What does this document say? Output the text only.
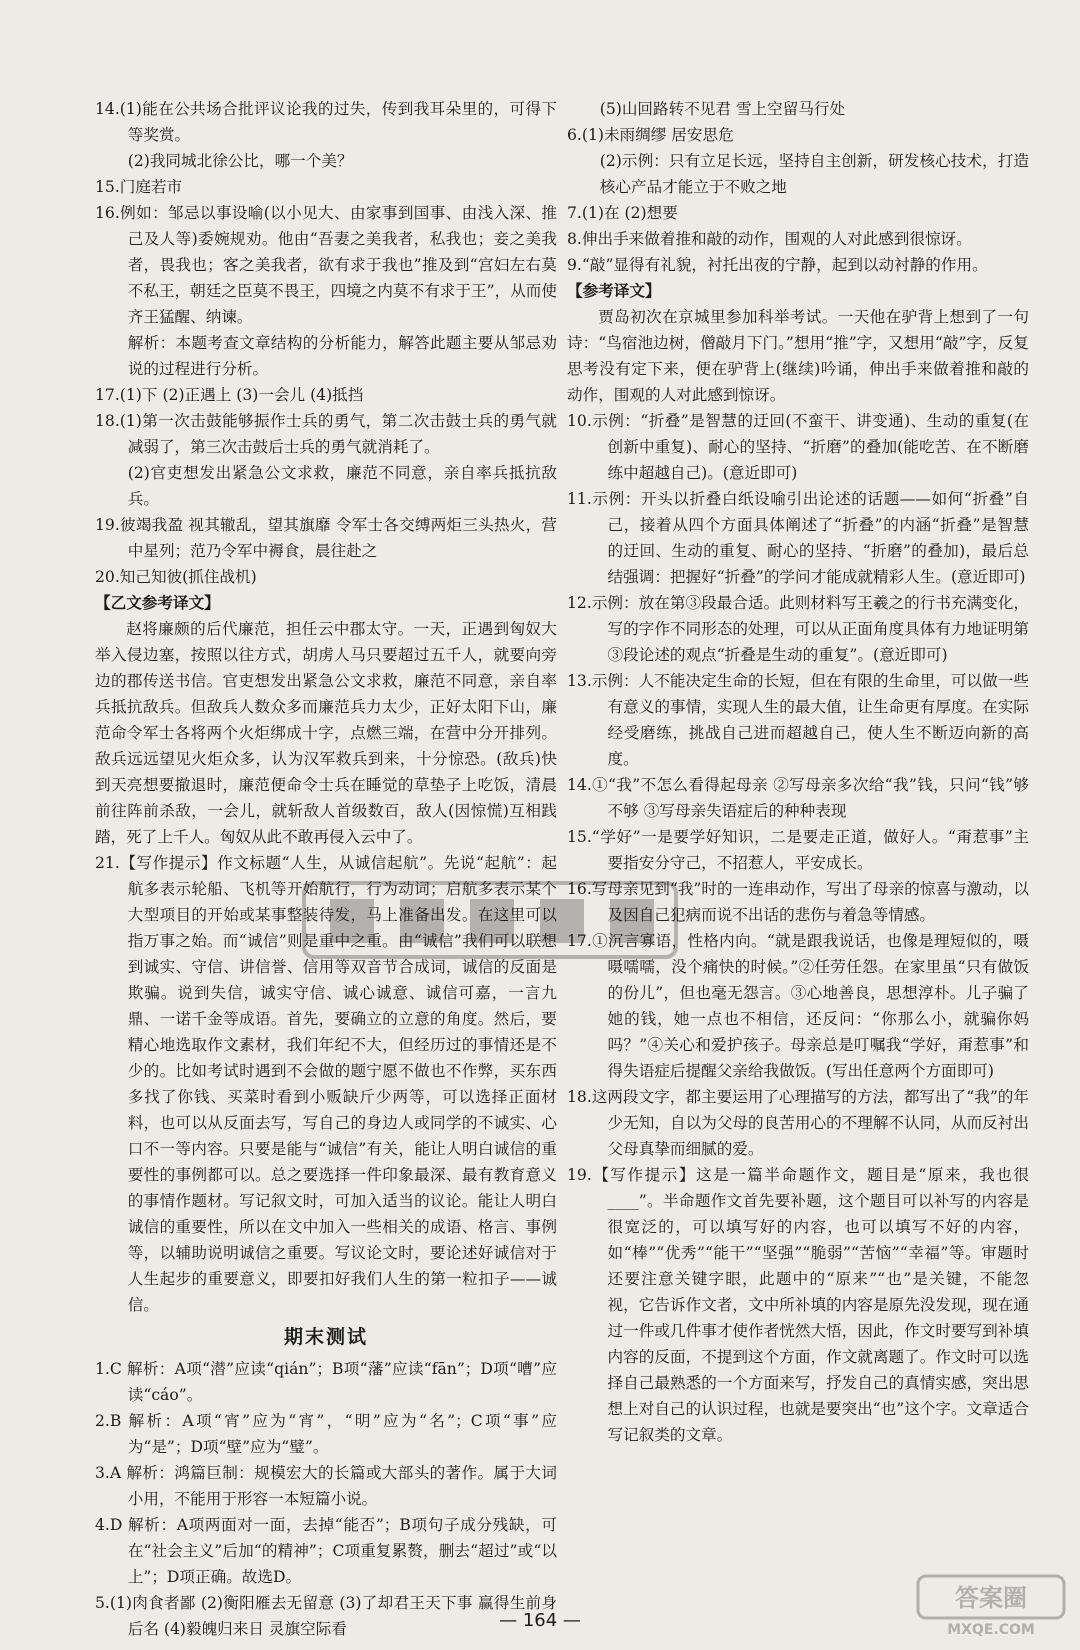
14.(1)能在公共场合批评议论我的过失，传到我耳朵里的，可得下等奖赏。

(2)我同城北徐公比，哪一个美？

15.门庭若市

16.例如：邹忌以事设喻(以小见大、由家事到国事、由浅入深、推己及人等)委婉规劝。他由“吾妻之美我者，私我也；妾之美我者，畏我也；客之美我者，欲有求于我也”推及到“宫妇左右莫不私王，朝廷之臣莫不畏王，四境之内莫不有求于王”，从而使齐王猛醒、纳谏。

解析：本题考查文章结构的分析能力，解答此题主要从邹忌劝说的过程进行分析。

17.(1)下 (2)正遇上 (3)一会儿 (4)抵挡

18.(1)第一次击鼓能够振作士兵的勇气，第二次击鼓士兵的勇气就减弱了，第三次击鼓后士兵的勇气就消耗了。

(2)官吏想发出紧急公文求救，廉范不同意，亲自率兵抵抗敌兵。

19.彼竭我盈 视其辙乱，望其旗靡 令军士各交缚两炬三头热火，营中星列；范乃令军中褥食，晨往赴之

20.知己知彼(抓住战机)

【乙文参考译文】

赵将廉颇的后代廉范，担任云中郡太守。一天，正遇到匈奴大举入侵边塞，按照以往方式，胡虏人马只要超过五千人，就要向旁边的郡传送书信。官吏想发出紧急公文求救，廉范不同意，亲自率兵抵抗敌兵。但敌兵人数众多而廉范兵力太少，正好太阳下山，廉范命令军士各将两个火炬绑成十字，点燃三端，在营中分开排列。敌兵远远望见火炬众多，认为汉军救兵到来，十分惊恐。(敌兵)快到天亮想要撤退时，廉范便命令士兵在睡觉的草垫子上吃饭，清晨前往阵前杀敌，一会儿，就斩敌人首级数百，敌人(因惊慌)互相践踏，死了上千人。匈奴从此不敢再侵入云中了。

21.【写作提示】作文标题“人生，从诚信起航”。先说“起航”：起航多表示轮船、飞机等开始航行，行为动词；启航多表示某个大型项目的开始或某事整装待发，马上准备出发。在这里可以指万事之始。而“诚信”则是重中之重。由“诚信”我们可以联想到诚实、守信、讲信誉、信用等双音节合成词，诚信的反面是欺骗。说到失信，诚实守信、诚心诚意、诚信可嘉，一言九鼎、一诺千金等成语。首先，要确立的立意的角度。然后，要精心地选取作文素材，我们年纪不大，但经历过的事情还是不少的。比如考试时遇到不会做的题宁愿不做也不作弊，买东西多找了你钱、买菜时看到小贩缺斤少两等，可以选择正面材料，也可以从反面去写，写自己的身边人或同学的不诚实、心口不一等内容。只要是能与“诚信”有关，能让人明白诚信的重要性的事例都可以。总之要选择一件印象最深、最有教育意义的事情作题材。写记叙文时，可加入适当的议论。能让人明白诚信的重要性，所以在文中加入一些相关的成语、格言、事例等，以辅助说明诚信之重要。写议论文时，要论述好诚信对于人生起步的重要意义，即要扣好我们人生的第一粒扣子——诚信。

期末测试

1.C 解析：A项“潜”应读“qián”；B项“藩”应读“fān”；D项“嘈”应读“cáo”。

2.B 解析：A项“宵”应为“宵”，“明”应为“名”；C项“事”应为“是”；D项“壁”应为“璧”。

3.A 解析：鸿篇巨制：规模宏大的长篇或大部头的著作。属于大词小用，不能用于形容一本短篇小说。

4.D 解析：A项两面对一面，去掉“能否”；B项句子成分残缺，可在“社会主义”后加“的精神”；C项重复累赘，删去“超过”或“以上”；D项正确。故选D。

5.(1)肉食者鄙 (2)衡阳雁去无留意 (3)了却君王天下事 赢得生前身后名 (4)毅魄归来日 灵旗空际看

(5)山回路转不见君 雪上空留马行处

6.(1)未雨绸缪 居安思危

(2)示例：只有立足长远，坚持自主创新，研发核心技术，打造核心产品才能立于不败之地

7.(1)在 (2)想要

8.伸出手来做着推和敲的动作，围观的人对此感到很惊讶。

9.“敲”显得有礼貌，衬托出夜的宁静，起到以动衬静的作用。

【参考译文】

贾岛初次在京城里参加科举考试。一天他在驴背上想到了一句诗：“鸟宿池边树，僧敲月下门。”想用“推”字，又想用“敲”字，反复思考没有定下来，便在驴背上(继续)吟诵，伸出手来做着推和敲的动作，围观的人对此感到惊讶。

10.示例：“折叠”是智慧的迂回(不蛮干、讲变通)、生动的重复(在创新中重复)、耐心的坚持、“折磨”的叠加(能吃苦、在不断磨练中超越自己)。(意近即可)

11.示例：开头以折叠白纸设喻引出论述的话题——如何“折叠”自己，接着从四个方面具体阐述了“折叠”的内涵“折叠”是智慧的迂回、生动的重复、耐心的坚持、“折磨”的叠加)，最后总结强调：把握好“折叠”的学问才能成就精彩人生。(意近即可)

12.示例：放在第③段最合适。此则材料写王羲之的行书充满变化，写的字作不同形态的处理，可以从正面角度具体有力地证明第③段论述的观点“折叠是生动的重复”。(意近即可)

13.示例：人不能决定生命的长短，但在有限的生命里，可以做一些有意义的事情，实现人生的最大值，让生命更有厚度。在实际经受磨练，挑战自己进而超越自己，使人生不断迈向新的高度。

14.①“我”不怎么看得起母亲 ②写母亲多次给“我”钱，只问“钱”够不够 ③写母亲失语症后的种种表现

15.“学好”一是要学好知识，二是要走正道，做好人。“甭惹事”主要指安分守己，不招惹人，平安成长。

16.写母亲见到“我”时的一连串动作，写出了母亲的惊喜与激动，以及因自己犯病而说不出话的悲伤与着急等情感。

17.①沉言寡语，性格内向。“就是跟我说话，也像是理短似的，嗫嗫嚅嚅，没个痛快的时候。”②任劳任怨。在家里虽“只有做饭的份儿”，但也毫无怨言。③心地善良，思想淳朴。儿子骗了她的钱，她一点也不相信，还反问：“你那么小，就骗你妈吗？”④关心和爱护孩子。母亲总是叮嘱我“学好，甭惹事”和得失语症后提醒父亲给我做饭。(写出任意两个方面即可)

18.这两段文字，都主要运用了心理描写的方法，都写出了“我”的年少无知，自以为父母的良苦用心的不理解不认同，从而反衬出父母真挚而细腻的爱。

19.【写作提示】这是一篇半命题作文，题目是“原来，我也很____”。半命题作文首先要补题，这个题目可以补写的内容是很宽泛的，可以填写好的内容，也可以填写不好的内容，如“棒”“优秀”“能干”“坚强”“脆弱”“苦恼”“幸福”等。审题时还要注意关键字眼，此题中的“原来”“也”是关键，不能忽视，它告诉作文者，文中所补填的内容是原先没发现，现在通过一件或几件事才使作者恍然大悟，因此，作文时要写到补填内容的反面，不提到这个方面，作文就离题了。作文时可以选择自己最熟悉的一个方面来写，抒发自己的真情实感，突出思想上对自己的认识过程，也就是要突出“也”这个字。文章适合写记叙类的文章。

— 164 —
答案圈
MXQE.COM
